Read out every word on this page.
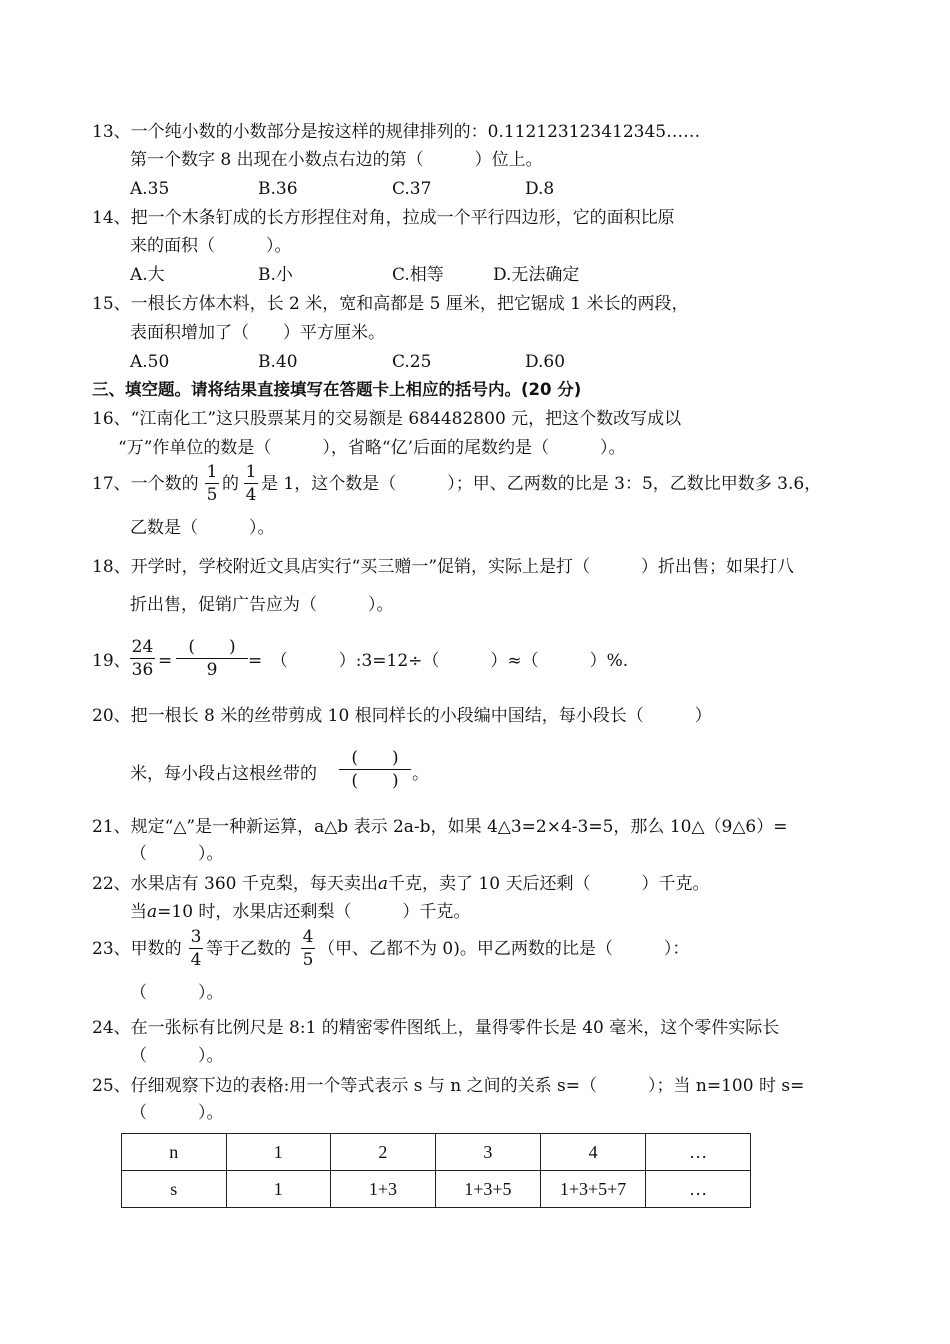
13、一个纯小数的小数部分是按这样的规律排列的：0.112123123412345……
第一个数字 8 出现在小数点右边的第（　　　）位上。
A.35	B.36	C.37	D.8
14、把一个木条钉成的长方形捏住对角，拉成一个平行四边形，它的面积比原
来的面积（　　　）。
A.大	B.小	C.相等	D.无法确定
15、一根长方体木料，长 2 米，宽和高都是 5 厘米，把它锯成 1 米长的两段，
表面积增加了（　　）平方厘米。
A.50	B.40	C.25	D.60
三、填空题。请将结果直接填写在答题卡上相应的括号内。(20 分)
16、“江南化工”这只股票某月的交易额是 684482800 元，把这个数改写成以
“万”作单位的数是（　　　），省略“亿’后面的尾数约是（　　　）。
17、一个数的
1
5
的
1
4
是 1，这个数是（　　　）；甲、乙两数的比是 3：5，乙数比甲数多 3.6，
乙数是（　　　）。
18、开学时，学校附近文具店实行“买三赠一”促销，实际上是打（　　　）折出售；如果打八
折出售，促销广告应为（　　　）。
19、
24
36 =
(　　)
9	=　（　　　）:3=12÷（　　　）≈（　　　）%.
20、把一根长 8 米的丝带剪成 10 根同样长的小段编中国结，每小段长（　　　）
米，每小段占这根丝带的
(　　)
(　　) 。
21、规定“△”是一种新运算，a△b 表示 2a-b，如果 4△3=2×4-3=5，那么 10△（9△6）=
（　　　）。
22、水果店有 360 千克梨，每天卖出a千克，卖了 10 天后还剩（　　　）千克。
当a=10 时，水果店还剩梨（　　　）千克。
23、甲数的
3
4
等于乙数的
4
5
（甲、乙都不为 0)。甲乙两数的比是（　　　）：
（　　　）。
24、在一张标有比例尺是 8:1 的精密零件图纸上，量得零件长是 40 毫米，这个零件实际长
（　　　）。
25、仔细观察下边的表格:用一个等式表示 s 与 n 之间的关系 s=（　　　）；当 n=100 时 s=
（　　　）。
n	1	2	3	4	…
s	1	1+3	1+3+5	1+3+5+7	…
